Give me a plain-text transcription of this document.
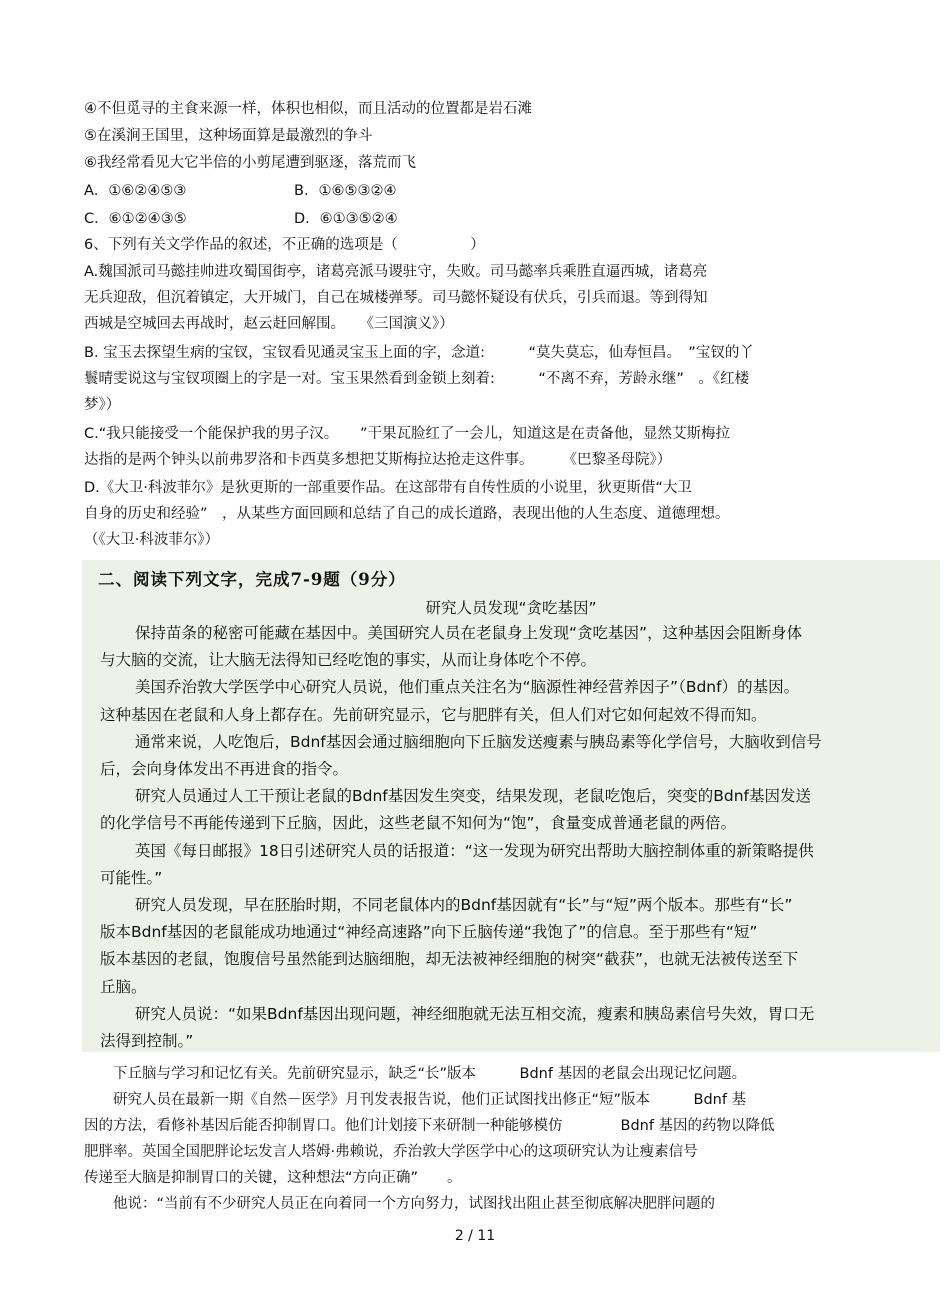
④不但觅寻的主食来源一样，体积也相似，而且活动的位置都是岩石滩
⑤在溪涧王国里，这种场面算是最激烈的争斗
⑥我经常看见大它半倍的小剪尾遭到驱逐，落荒而飞
A．①⑥②④⑤③	B．①⑥⑤③②④
C．⑥①②④③⑤	D．⑥①③⑤②④
6、下列有关文学作品的叙述，不正确的选项是（　　　　　）
A.魏国派司马懿挂帅进攻蜀国街亭，诸葛亮派马谡驻守，失败。司马懿率兵乘胜直逼西城，诸葛亮
无兵迎敌，但沉着镇定，大开城门，自己在城楼弹琴。司马懿怀疑设有伏兵，引兵而退。等到得知
西城是空城回去再战时，赵云赶回解围。　　《三国演义》）
B. 宝玉去探望生病的宝钗，宝钗看见通灵宝玉上面的字，念道:　　　“莫失莫忘，仙寿恒昌。　”宝钗的丫
鬟晴雯说这与宝钗项圈上的字是一对。宝玉果然看到金锁上刻着:　　　“不离不弃，芳龄永继”　。《红楼
梦》）
C.“我只能接受一个能保护我的男子汉。　　”干果瓦脸红了一会儿，知道这是在责备他，显然艾斯梅拉
达指的是两个钟头以前弗罗洛和卡西莫多想把艾斯梅拉达抢走这件事。　　　《巴黎圣母院》）
D.《大卫·科波菲尔》是狄更斯的一部重要作品。在这部带有自传性质的小说里，狄更斯借“大卫
自身的历史和经验”　，从某些方面回顾和总结了自己的成长道路，表现出他的人生态度、道德理想。
（《大卫·科波菲尔》）
二、阅读下列文字，完成7-9题（9分）
研究人员发现“贪吃基因”
保持苗条的秘密可能藏在基因中。美国研究人员在老鼠身上发现“贪吃基因”，这种基因会阻断身体
与大脑的交流，让大脑无法得知已经吃饱的事实，从而让身体吃个不停。
美国乔治敦大学医学中心研究人员说，他们重点关注名为“脑源性神经营养因子”（Bdnf）的基因。
这种基因在老鼠和人身上都存在。先前研究显示，它与肥胖有关，但人们对它如何起效不得而知。
通常来说，人吃饱后，Bdnf基因会通过脑细胞向下丘脑发送瘦素与胰岛素等化学信号，大脑收到信号
后，会向身体发出不再进食的指令。
研究人员通过人工干预让老鼠的Bdnf基因发生突变，结果发现，老鼠吃饱后，突变的Bdnf基因发送
的化学信号不再能传递到下丘脑，因此，这些老鼠不知何为“饱”，食量变成普通老鼠的两倍。
英国《每日邮报》18日引述研究人员的话报道：“这一发现为研究出帮助大脑控制体重的新策略提供
可能性。”
研究人员发现，早在胚胎时期，不同老鼠体内的Bdnf基因就有“长”与“短”两个版本。那些有“长”
版本Bdnf基因的老鼠能成功地通过“神经高速路”向下丘脑传递“我饱了”的信息。至于那些有“短”
版本基因的老鼠，饱腹信号虽然能到达脑细胞，却无法被神经细胞的树突“截获”，也就无法被传送至下
丘脑。
研究人员说：“如果Bdnf基因出现问题，神经细胞就无法互相交流，瘦素和胰岛素信号失效，胃口无
法得到控制。”
　　下丘脑与学习和记忆有关。先前研究显示，缺乏“长”版本　　　Bdnf 基因的老鼠会出现记忆问题。
　　研究人员在最新一期《自然－医学》月刊发表报告说，他们正试图找出修正“短”版本　　　Bdnf 基
因的方法，看修补基因后能否抑制胃口。他们计划接下来研制一种能够模仿　　　　Bdnf 基因的药物以降低
肥胖率。英国全国肥胖论坛发言人塔姆·弗赖说，乔治敦大学医学中心的这项研究认为让瘦素信号
传递至大脑是抑制胃口的关键，这种想法“方向正确”　　。
　　他说：“当前有不少研究人员正在向着同一个方向努力，试图找出阻止甚至彻底解决肥胖问题的
2 / 11
